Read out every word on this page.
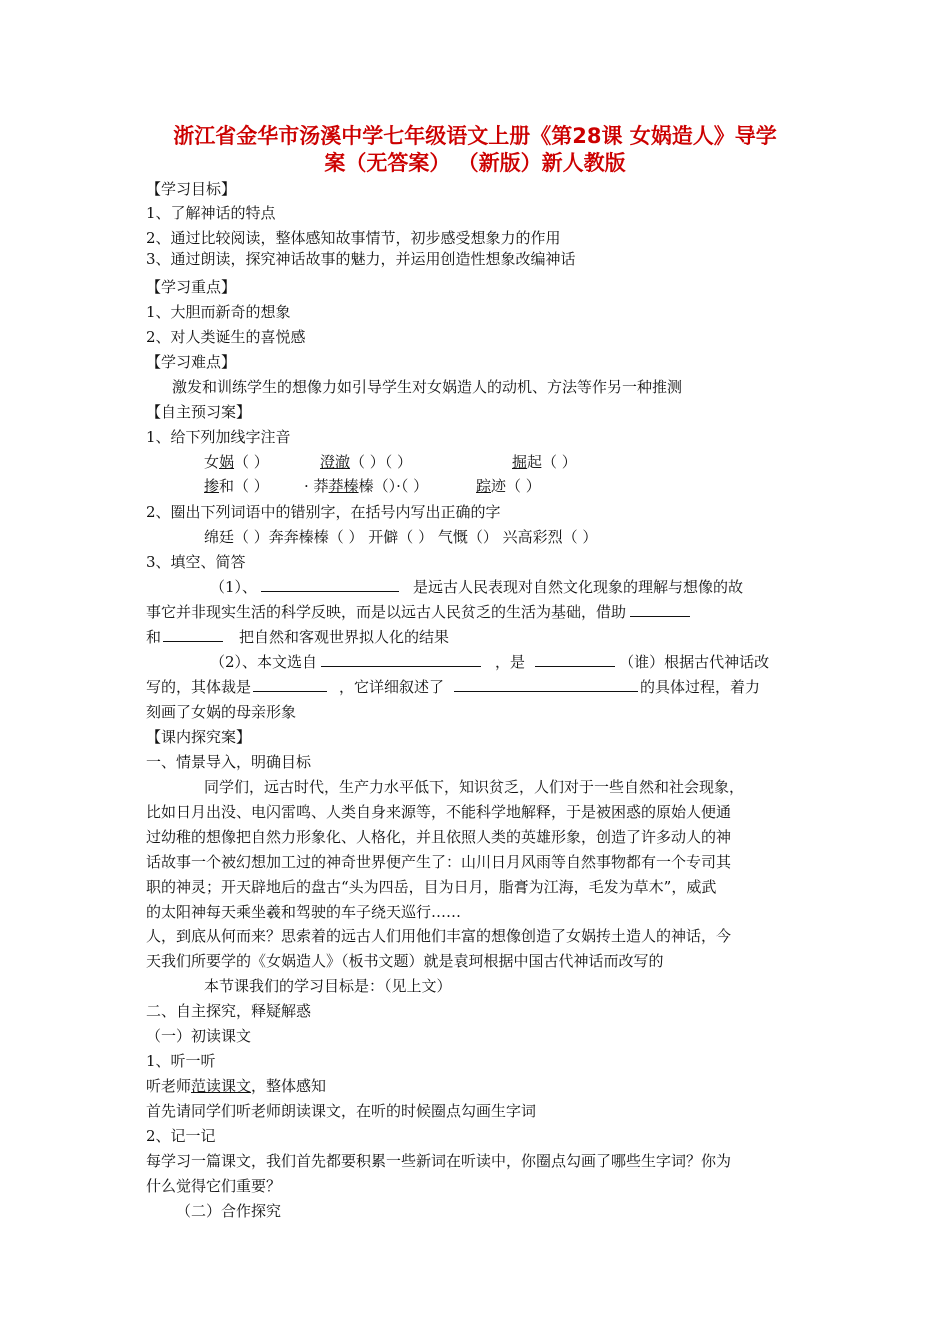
浙江省金华市汤溪中学七年级语文上册《第28课 女娲造人》导学
案（无答案） （新版）新人教版
【学习目标】
1、了解神话的特点
2、通过比较阅读，整体感知故事情节，初步感受想象力的作用
3、通过朗读，探究神话故事的魅力，并运用创造性想象改编神话
【学习重点】
1、大胆而新奇的想象
2、对人类诞生的喜悦感
【学习难点】
激发和训练学生的想像力如引导学生对女娲造人的动机、方法等作另一种推测
【自主预习案】
1、给下列加线字注音
女娲（ ）	澄澈（ ）（ ）	掘起（ ）
掺和（ ） · 莽莽榛榛（）·（ ）	踪迹（ ）
2、圈出下列词语中的错别字，在括号内写出正确的字
绵廷（ ）奔奔榛榛（ ） 开僻（ ） 气慨（） 兴高彩烈（ ）
3、填空、简答
（1）、	是远古人民表现对自然文化现象的理解与想像的故
事它并非现实生活的科学反映，而是以远古人民贫乏的生活为基础，借助
和	把自然和客观世界拟人化的结果
（2）、本文选自	，是	（谁）根据古代神话改
写的，其体裁是	，它详细叙述了	的具体过程，着力
刻画了女娲的母亲形象
【课内探究案】
一、情景导入，明确目标
同学们，远古时代，生产力水平低下，知识贫乏，人们对于一些自然和社会现象，
比如日月出没、电闪雷鸣、人类自身来源等，不能科学地解释，于是被困惑的原始人便通
过幼稚的想像把自然力形象化、人格化，并且依照人类的英雄形象，创造了许多动人的神
话故事一个被幻想加工过的神奇世界便产生了：山川日月风雨等自然事物都有一个专司其
职的神灵；开天辟地后的盘古“头为四岳，目为日月，脂膏为江海，毛发为草木”，威武
的太阳神每天乘坐羲和驾驶的车子绕天巡行……
人，到底从何而来？思索着的远古人们用他们丰富的想像创造了女娲抟土造人的神话，今
天我们所要学的《女娲造人》（板书文题）就是袁珂根据中国古代神话而改写的
本节课我们的学习目标是：（见上文）
二、自主探究，释疑解惑
（一）初读课文
1、听一听
听老师范读课文，整体感知
首先请同学们听老师朗读课文，在听的时候圈点勾画生字词
2、记一记
每学习一篇课文，我们首先都要积累一些新词在听读中，你圈点勾画了哪些生字词？你为
什么觉得它们重要？
（二）合作探究
